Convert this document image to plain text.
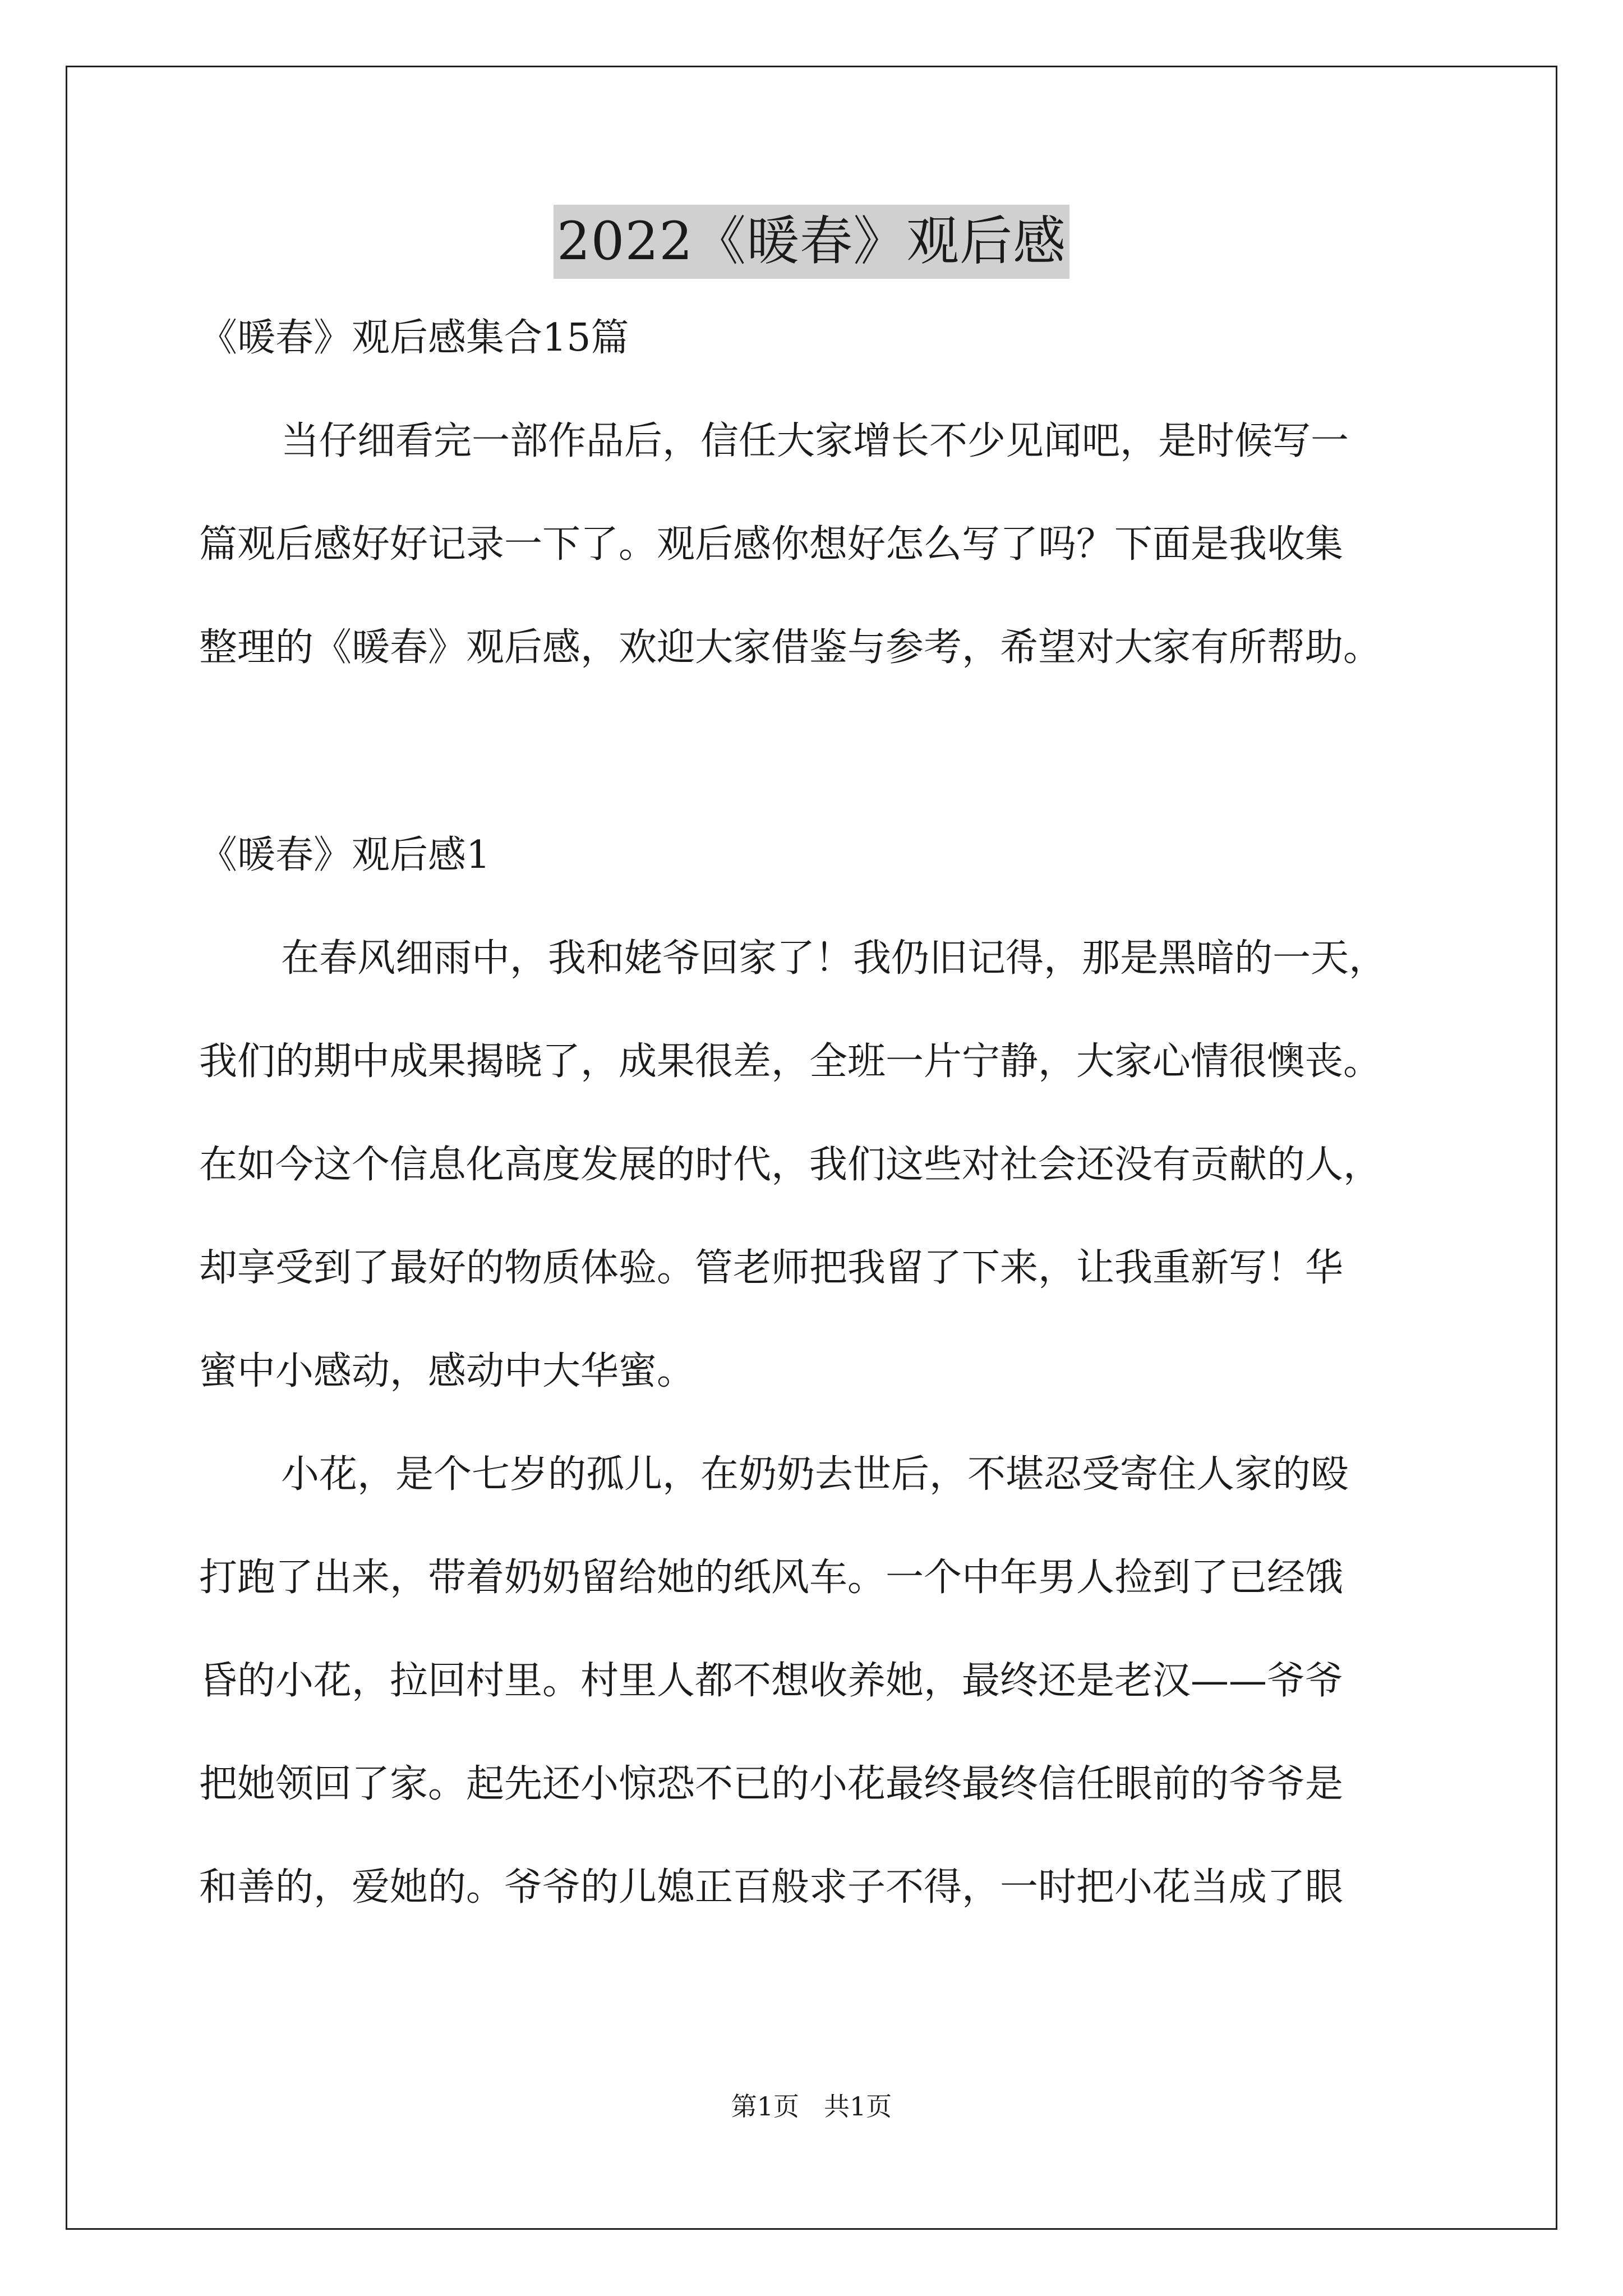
2022《暖春》观后感

《暖春》观后感集合15篇

当仔细看完一部作品后，信任大家增长不少见闻吧，是时候写一

篇观后感好好记录一下了。观后感你想好怎么写了吗？下面是我收集

整理的《暖春》观后感，欢迎大家借鉴与参考，希望对大家有所帮助。

《暖春》观后感1

在春风细雨中，我和姥爷回家了！我仍旧记得，那是黑暗的一天，

我们的期中成果揭晓了，成果很差，全班一片宁静，大家心情很懊丧。

在如今这个信息化高度发展的时代，我们这些对社会还没有贡献的人，

却享受到了最好的物质体验。管老师把我留了下来，让我重新写！华

蜜中小感动，感动中大华蜜。

小花，是个七岁的孤儿，在奶奶去世后，不堪忍受寄住人家的殴

打跑了出来，带着奶奶留给她的纸风车。一个中年男人捡到了已经饿

昏的小花，拉回村里。村里人都不想收养她，最终还是老汉——爷爷

把她领回了家。起先还小惊恐不已的小花最终最终信任眼前的爷爷是

和善的，爱她的。爷爷的儿媳正百般求子不得，一时把小花当成了眼

第1页 共1页
